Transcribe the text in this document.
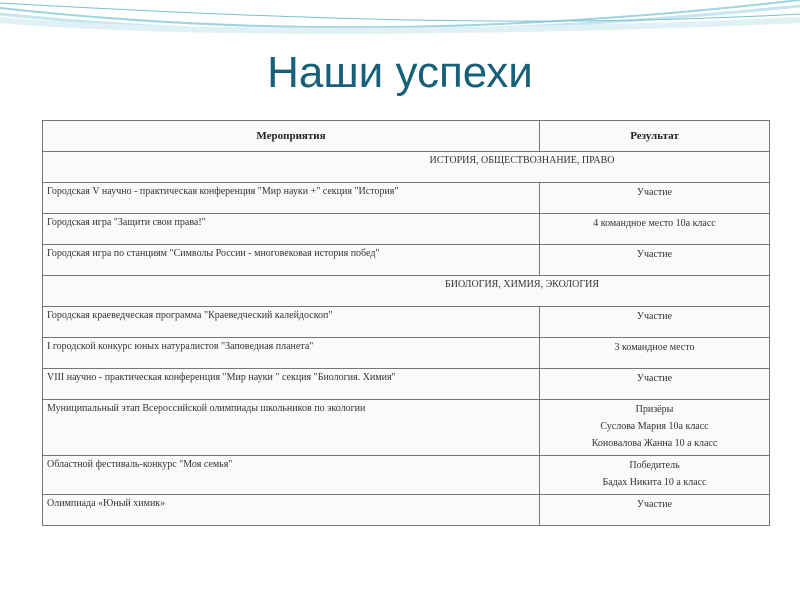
Наши успехи
Мероприятия	Результат
ИСТОРИЯ, ОБЩЕСТВОЗНАНИЕ, ПРАВО	
Городская V научно - практическая конференция "Мир науки +" секция "История"	Участие

Городская игра "Защити свои права!"	4 командное место 10а класс

Городская игра по станциям "Символы России - многовековая история побед"	Участие

БИОЛОГИЯ, ХИМИЯ, ЭКОЛОГИЯ	
Городская краеведческая программа "Краеведческий калейдоскоп"	Участие

I городской конкурс юных натуралистов "Заповедная планета"	3 командное место

VIII научно - практическая конференция "Мир науки " секция "Биология. Химия"	Участие

Муниципальный этап Всероссийской олимпиады школьников по экологии	Призёры
Суслова Мария 10а класс
Коновалова Жанна 10 а класс

Областной фестиваль-конкурс "Моя семья"	Победитель
Бадах Никита 10 а класс

Олимпиада «Юный химик»	Участие
